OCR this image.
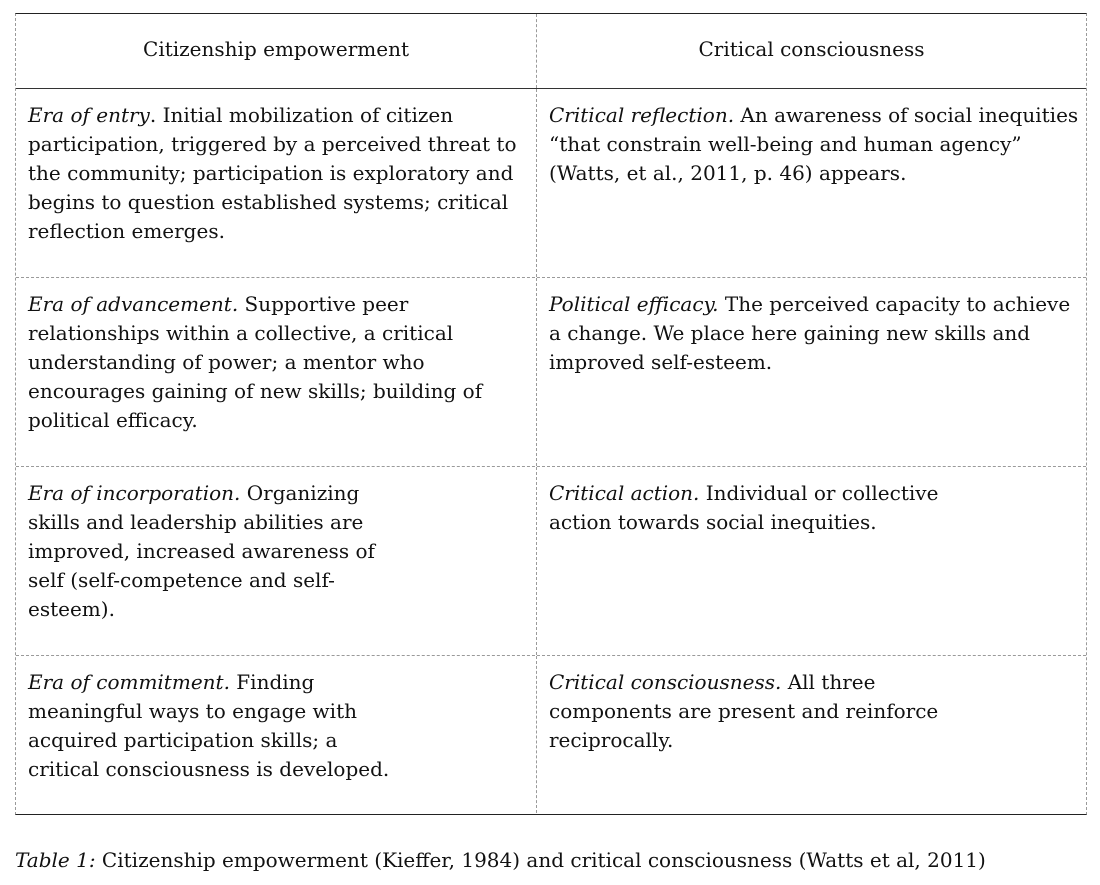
Citizenship empowerment	Critical consciousness
Era of entry. Initial mobilization of citizen
participation, triggered by a perceived threat to
the community; participation is exploratory and
begins to question established systems; critical
reflection emerges.
Critical reflection. An awareness of social inequities
“that constrain well-being and human agency”
(Watts, et al., 2011, p. 46) appears.
Era of advancement. Supportive peer
relationships within a collective, a critical
understanding of power; a mentor who
encourages gaining of new skills; building of
political efficacy.
Political efficacy. The perceived capacity to achieve
a change. We place here gaining new skills and
improved self-esteem.
Era of incorporation. Organizing
skills and leadership abilities are
improved, increased awareness of
self (self-competence and self-
esteem).
Critical action. Individual or collective
action towards social inequities.
Era of commitment. Finding
meaningful ways to engage with
acquired participation skills; a
critical consciousness is developed.
Critical consciousness. All three
components are present and reinforce
reciprocally.
Table 1: Citizenship empowerment (Kieffer, 1984) and critical consciousness (Watts et al, 2011)
